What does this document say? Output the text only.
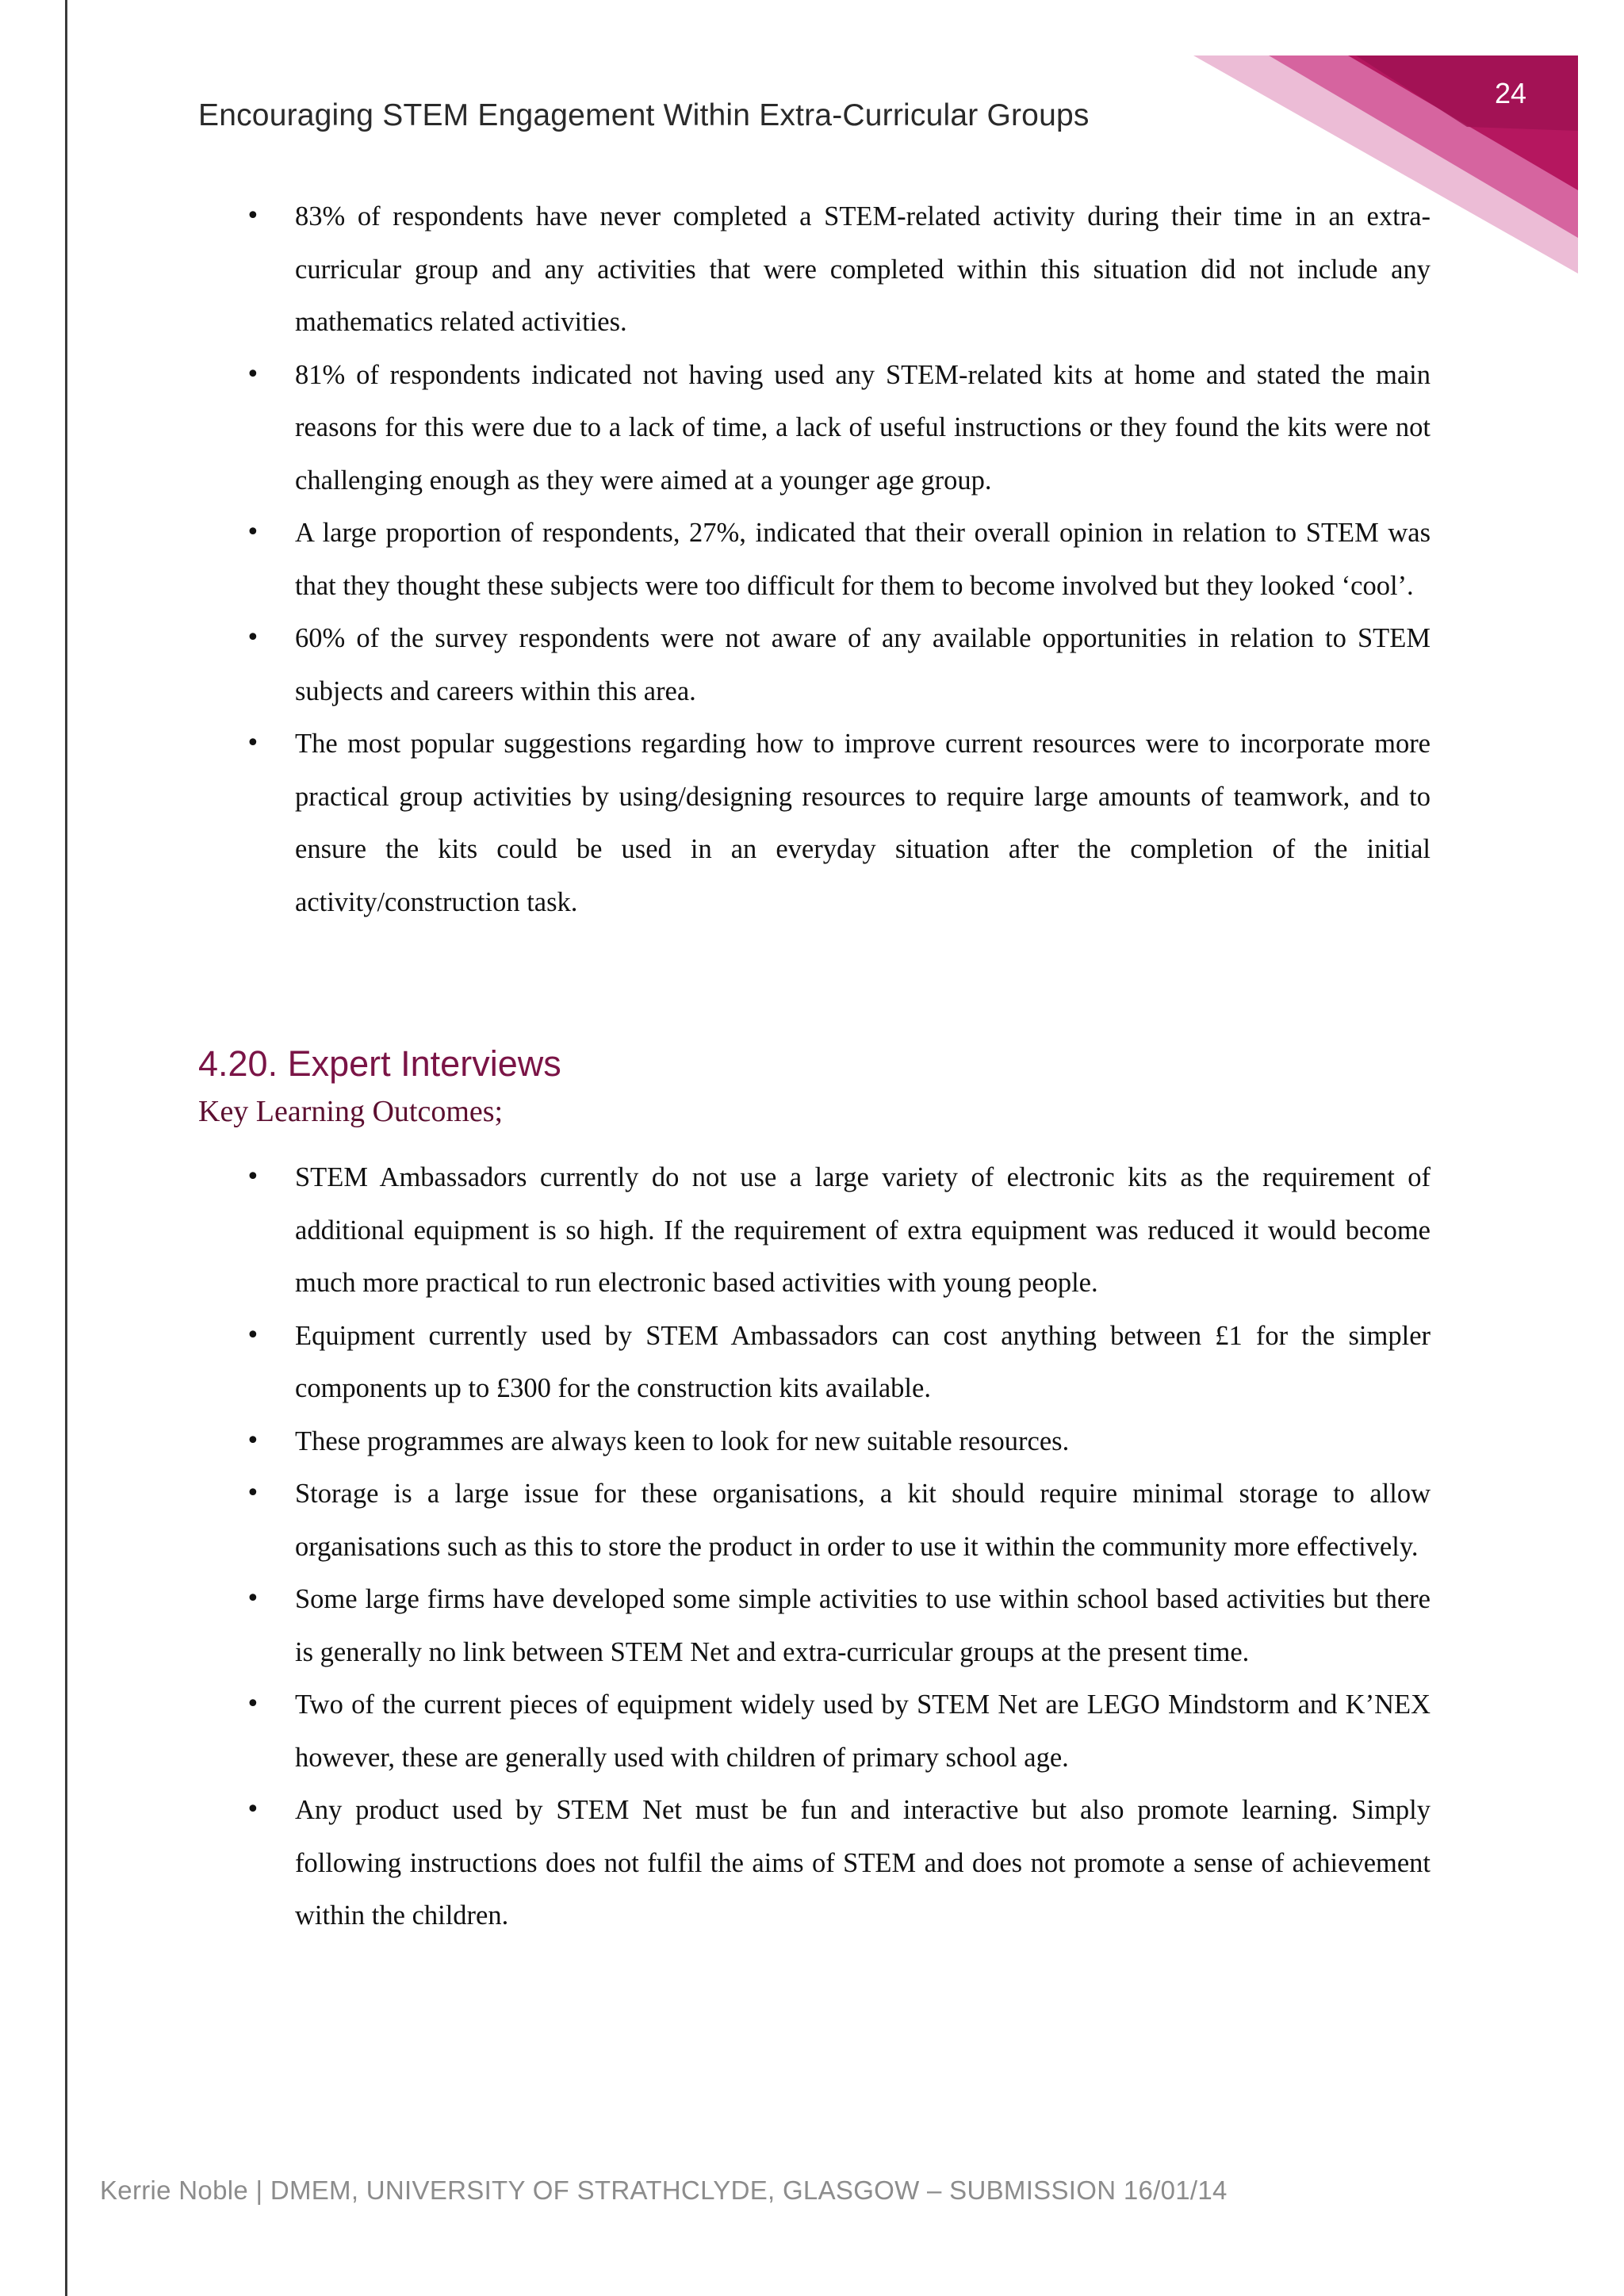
24
Encouraging STEM Engagement Within Extra-Curricular Groups
• 83% of respondents have never completed a STEM-related activity during their time in an extra-curricular group and any activities that were completed within this situation did not include any mathematics related activities.
• 81% of respondents indicated not having used any STEM-related kits at home and stated the main reasons for this were due to a lack of time, a lack of useful instructions or they found the kits were not challenging enough as they were aimed at a younger age group.
• A large proportion of respondents, 27%, indicated that their overall opinion in relation to STEM was that they thought these subjects were too difficult for them to become involved but they looked ‘cool’.
• 60% of the survey respondents were not aware of any available opportunities in relation to STEM subjects and careers within this area.
• The most popular suggestions regarding how to improve current resources were to incorporate more practical group activities by using/designing resources to require large amounts of teamwork, and to ensure the kits could be used in an everyday situation after the completion of the initial activity/construction task.
4.20. Expert Interviews
Key Learning Outcomes;
• STEM Ambassadors currently do not use a large variety of electronic kits as the requirement of additional equipment is so high. If the requirement of extra equipment was reduced it would become much more practical to run electronic based activities with young people.
• Equipment currently used by STEM Ambassadors can cost anything between £1 for the simpler components up to £300 for the construction kits available.
• These programmes are always keen to look for new suitable resources.
• Storage is a large issue for these organisations, a kit should require minimal storage to allow organisations such as this to store the product in order to use it within the community more effectively.
• Some large firms have developed some simple activities to use within school based activities but there is generally no link between STEM Net and extra-curricular groups at the present time.
• Two of the current pieces of equipment widely used by STEM Net are LEGO Mindstorm and K’NEX however, these are generally used with children of primary school age.
• Any product used by STEM Net must be fun and interactive but also promote learning. Simply following instructions does not fulfil the aims of STEM and does not promote a sense of achievement within the children.
Kerrie Noble | DMEM, UNIVERSITY OF STRATHCLYDE, GLASGOW – SUBMISSION 16/01/14
